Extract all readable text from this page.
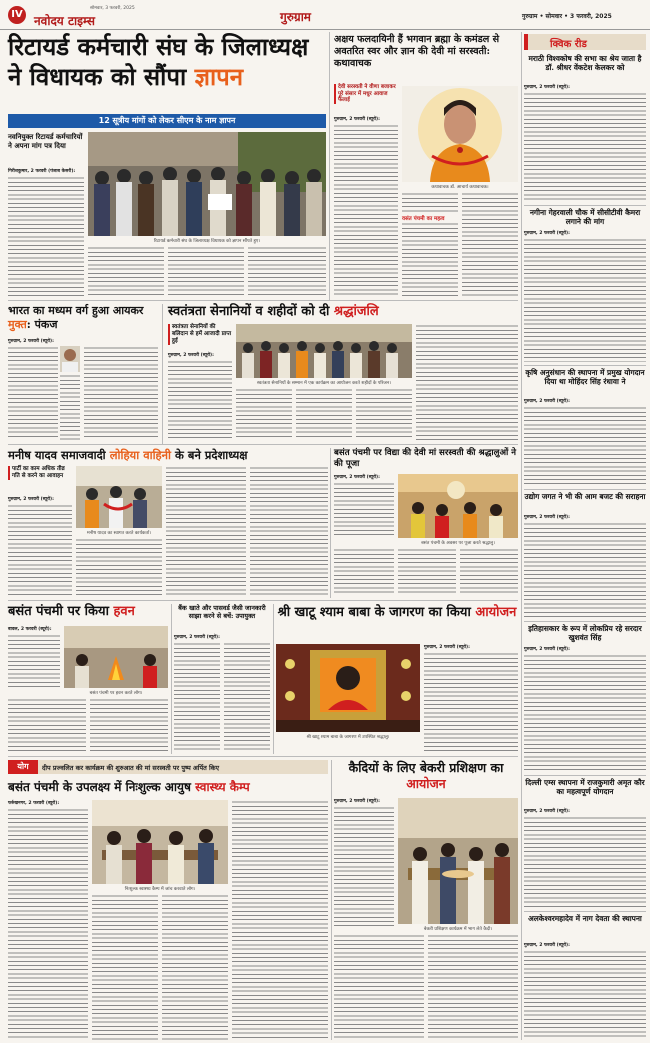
IV नवोदय टाइम्स
सोमवार, 3 फरवरी, 2025
गुरुग्राम	गुरुग्राम • सोमवार • 3 फरवरी, 2025
रिटायर्ड कर्मचारी संघ के जिलाध्यक्ष ने विधायक को सौंपा ज्ञापन
12 सूत्रीय मांगों को लेकर सीएम के नाम ज्ञापन
नवनियुक्त रिटायर्ड कर्मचारियों ने अपना मांग पत्र दिया
गिरीशकुमार, 2 फरवरी (पंजाब केसरी):
रिटायर्ड कर्मचारी संघ के जिलाध्यक्ष विधायक को ज्ञापन सौंपते हुए।
अक्षय फलदायिनी हैं भगवान ब्रह्मा के कमंडल से अवतरित स्वर और ज्ञान की देवी मां सरस्वती: कथावाचक
देवी सरस्वती ने वीणा बजाकर पूरे संसार में मधुर आवाज फैलाई
गुरुग्राम, 2 फरवरी (ब्यूरो):
कथावाचक डॉ. आचार्य कथावाचक।
वसंत पंचमी का महत्व
क्विक रीड
मराठी विश्वकोष की सभा का श्रेय जाता है डॉ. श्रीधर वेंकटेश केलकर को
गुरुग्राम, 2 फरवरी (ब्यूरो):
नगीना गेहरवाली चौक में सीसीटीवी कैमरा लगाने की मांग
गुरुग्राम, 2 फरवरी (ब्यूरो):
कृषि अनुसंधान की स्थापना में प्रमुख योगदान दिया था मोहिंदर सिंह रंधावा ने
गुरुग्राम, 2 फरवरी (ब्यूरो):
उद्योग जगत ने भी की आम बजट की सराहना
गुरुग्राम, 2 फरवरी (ब्यूरो):
इतिहासकार के रूप में लोकप्रिय रहे सरदार खुशवंत सिंह
गुरुग्राम, 2 फरवरी (ब्यूरो):
दिल्ली एम्स स्थापना में राजकुमारी अमृत कौर का महत्वपूर्ण योगदान
गुरुग्राम, 2 फरवरी (ब्यूरो):
अलकेश्वरमहादेव में नाग देवता की स्थापना
गुरुग्राम, 2 फरवरी (ब्यूरो):
भारत का मध्यम वर्ग हुआ आयकर मुक्त: पंकज
गुरुग्राम, 2 फरवरी (ब्यूरो):
स्वतंत्रता सेनानियों व शहीदों को दी श्रद्धांजलि
स्वतंत्रता सेनानियों की बलिदान से हमें आजादी प्राप्त हुई
गुरुग्राम, 2 फरवरी (ब्यूरो):
स्वतंत्रता सेनानियों के सम्मान में एक कार्यक्रम का आयोजन करते शहीदों के परिजन।
मनीष यादव समाजवादी लोहिया वाहिनी के बने प्रदेशाध्यक्ष
पार्टी का काम अधिक तीव्र गति से करने का आवाहन
गुरुग्राम, 2 फरवरी (ब्यूरो):
मनीष यादव का स्वागत करते कार्यकर्ता।
बसंत पंचमी पर विद्या की देवी मां सरस्वती की श्रद्धालुओं ने की पूजा
गुरुग्राम, 2 फरवरी (ब्यूरो):
बसंत पंचमी के अवसर पर पूजा करते श्रद्धालु।
बसंत पंचमी पर किया हवन
बावल, 2 फरवरी (ब्यूरो):
बसंत पंचमी पर हवन करते लोग।
बैंक खाते और पासवर्ड जैसी जानकारी साझा करने से बचें: उपायुक्त
गुरुग्राम, 2 फरवरी (ब्यूरो):
श्री खाटू श्याम बाबा के जागरण का किया आयोजन
श्री खाटू श्याम बाबा के जागरण में उपस्थित श्रद्धालु।
गुरुग्राम, 2 फरवरी (ब्यूरो):
योग	दीप प्रज्वलित कर कार्यक्रम की शुरुआत की मां सरस्वती पर पुष्प अर्पित किए
बसंत पंचमी के उपलक्ष्य में निःशुल्क आयुष स्वास्थ्य कैम्प
फर्रुखनगर, 2 फरवरी (ब्यूरो):
निःशुल्क स्वास्थ्य कैम्प में जांच करवाते लोग।
कैदियों के लिए बेकरी प्रशिक्षण का आयोजन
गुरुग्राम, 2 फरवरी (ब्यूरो):
बेकरी प्रशिक्षण कार्यक्रम में भाग लेते कैदी।
